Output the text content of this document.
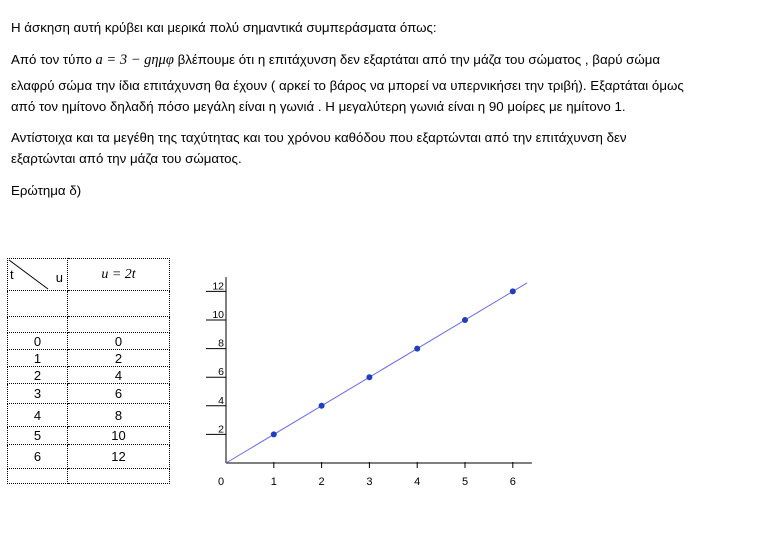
Η άσκηση αυτή κρύβει και μερικά πολύ σημαντικά συμπεράσματα όπως:
Από τον τύπο a = 3 − gημφ βλέπουμε ότι η επιτάχυνση δεν εξαρτάται από την μάζα του σώματος , βαρύ σώμα
ελαφρύ σώμα την ίδια επιτάχυνση θα έχουν ( αρκεί το βάρος να μπορεί να υπερνικήσει την τριβή). Εξαρτάται όμως
από τον ημίτονο δηλαδή πόσο μεγάλη είναι η γωνιά . Η μεγαλύτερη γωνιά είναι η 90 μοίρες με ημίτονο 1.
Αντίστοιχα και τα μεγέθη της ταχύτητας και του χρόνου καθόδου που εξαρτώνται από την επιτάχυνση δεν
εξαρτώνται από την μάζα του σώματος.
Ερώτημα δ)
t u	u = 2t

0	0
1	2
2	4
3	6
4	8
5	10
6	12

0	1	2	3	4	5	6
2
4
6
8
10
12
